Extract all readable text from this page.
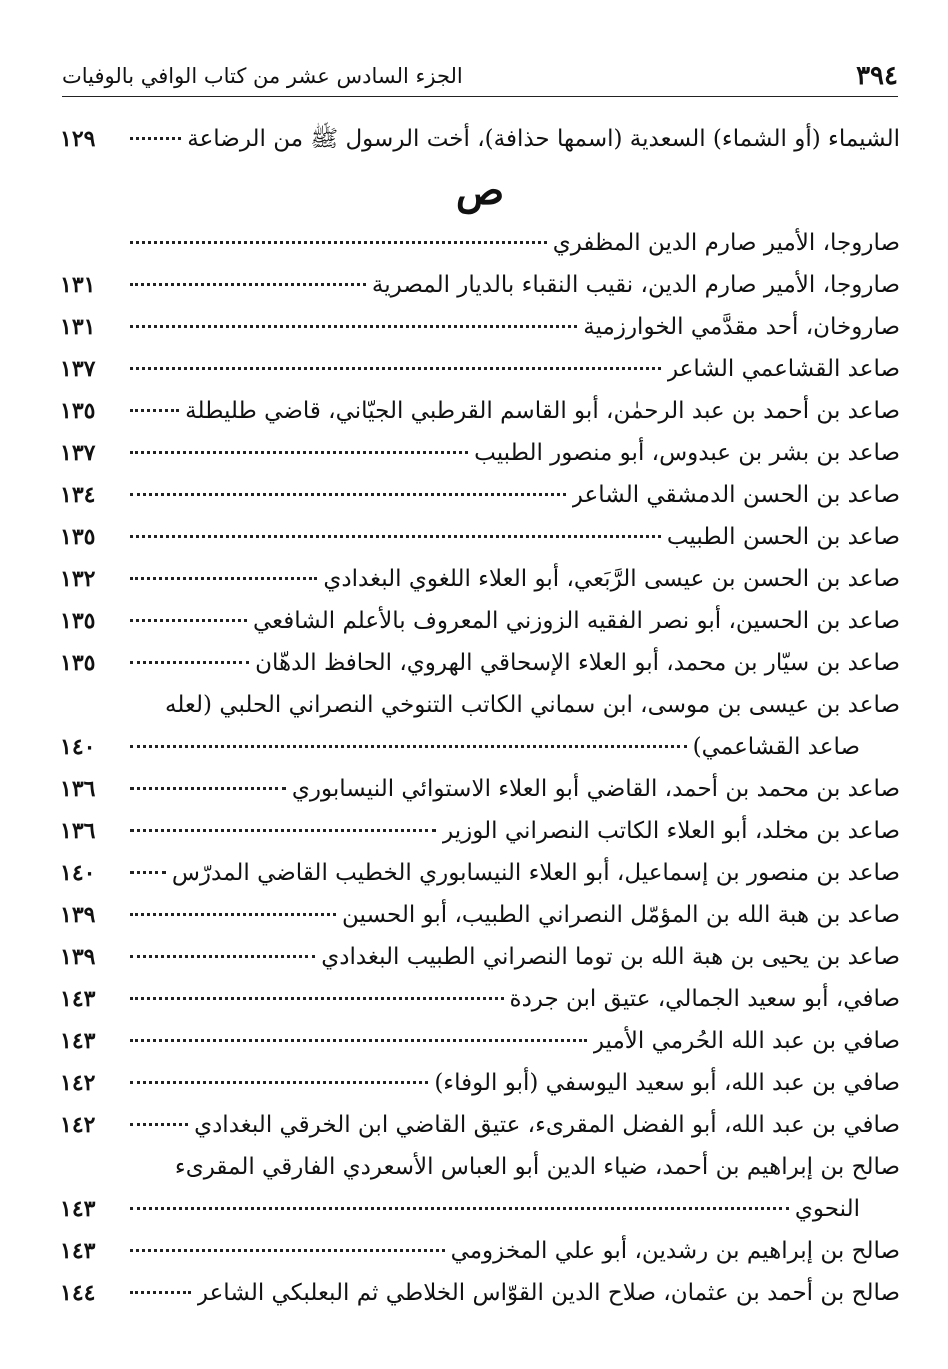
٣٩٤
الجزء السادس عشر من كتاب الوافي بالوفيات
الشيماء (أو الشماء) السعدية (اسمها حذافة)، أخت الرسول ﷺ من الرضاعة
١٢٩
ص
صاروجا، الأمير صارم الدين المظفري
صاروجا، الأمير صارم الدين، نقيب النقباء بالديار المصرية
١٣١
صاروخان، أحد مقدَّمي الخوارزمية
١٣١
صاعد القشاعمي الشاعر
١٣٧
صاعد بن أحمد بن عبد الرحمٰن، أبو القاسم القرطبي الجيّاني، قاضي طليطلة
١٣٥
صاعد بن بشر بن عبدوس، أبو منصور الطبيب
١٣٧
صاعد بن الحسن الدمشقي الشاعر
١٣٤
صاعد بن الحسن الطبيب
١٣٥
صاعد بن الحسن بن عيسى الرَّبَعي، أبو العلاء اللغوي البغدادي
١٣٢
صاعد بن الحسين، أبو نصر الفقيه الزوزني المعروف بالأعلم الشافعي
١٣٥
صاعد بن سيّار بن محمد، أبو العلاء الإسحاقي الهروي، الحافظ الدهّان
١٣٥
صاعد بن عيسى بن موسى، ابن سماني الكاتب التنوخي النصراني الحلبي (لعله
صاعد القشاعمي)
١٤٠
صاعد بن محمد بن أحمد، القاضي أبو العلاء الاستوائي النيسابوري
١٣٦
صاعد بن مخلد، أبو العلاء الكاتب النصراني الوزير
١٣٦
صاعد بن منصور بن إسماعيل، أبو العلاء النيسابوري الخطيب القاضي المدرّس
١٤٠
صاعد بن هبة الله بن المؤمّل النصراني الطبيب، أبو الحسين
١٣٩
صاعد بن يحيى بن هبة الله بن توما النصراني الطبيب البغدادي
١٣٩
صافي، أبو سعيد الجمالي، عتيق ابن جردة
١٤٣
صافي بن عبد الله الحُرمي الأمير
١٤٣
صافي بن عبد الله، أبو سعيد اليوسفي (أبو الوفاء)
١٤٢
صافي بن عبد الله، أبو الفضل المقرىء، عتيق القاضي ابن الخرقي البغدادي
١٤٢
صالح بن إبراهيم بن أحمد، ضياء الدين أبو العباس الأسعردي الفارقي المقرىء
النحوي
١٤٣
صالح بن إبراهيم بن رشدين، أبو علي المخزومي
١٤٣
صالح بن أحمد بن عثمان، صلاح الدين القوّاس الخلاطي ثم البعلبكي الشاعر
١٤٤
